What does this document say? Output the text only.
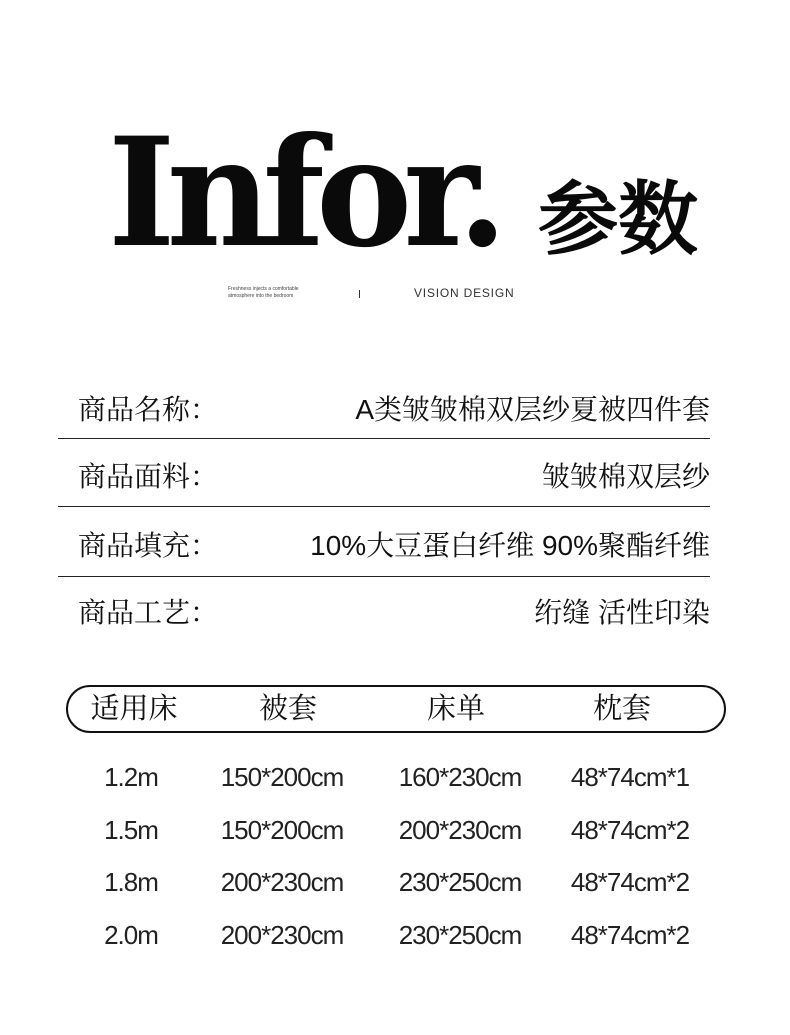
Infor. 参数
Freshness injects a comfortable
atmosphere into the bedroom	VISION DESIGN
商品名称：	A类皱皱棉双层纱夏被四件套
商品面料：	皱皱棉双层纱
商品填充：	10%大豆蛋白纤维 90%聚酯纤维
商品工艺：	绗缝 活性印染
适用床	被套	床单	枕套
1.2m	150*200cm	160*230cm	48*74cm*1
1.5m	150*200cm	200*230cm	48*74cm*2
1.8m	200*230cm	230*250cm	48*74cm*2
2.0m	200*230cm	230*250cm	48*74cm*2
